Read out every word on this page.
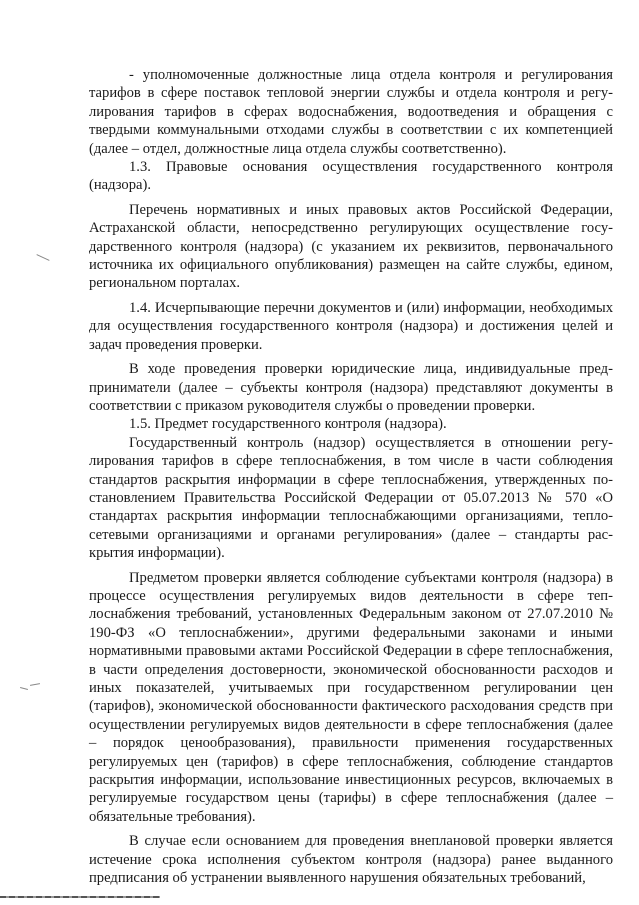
- уполномоченные должностные лица отдела контроля и регулирования тарифов в сфере поставок тепловой энергии службы и отдела контроля и регулирования тарифов в сферах водоснабжения, водоотведения и обращения с твердыми коммунальными отходами службы в соответствии с их компетенцией (далее – отдел, должностные лица отдела службы соответственно).

1.3. Правовые основания осуществления государственного контроля (надзора).

Перечень нормативных и иных правовых актов Российской Федерации, Астраханской области, непосредственно регулирующих осуществление государственного контроля (надзора) (с указанием их реквизитов, первоначального источника их официального опубликования) размещен на сайте службы, едином, региональном порталах.

1.4. Исчерпывающие перечни документов и (или) информации, необходимых для осуществления государственного контроля (надзора) и достижения целей и задач проведения проверки.

В ходе проведения проверки юридические лица, индивидуальные предприниматели (далее – субъекты контроля (надзора) представляют документы в соответствии с приказом руководителя службы о проведении проверки.

1.5. Предмет государственного контроля (надзора).

Государственный контроль (надзор) осуществляется в отношении регулирования тарифов в сфере теплоснабжения, в том числе в части соблюдения стандартов раскрытия информации в сфере теплоснабжения, утвержденных постановлением Правительства Российской Федерации от 05.07.2013 № 570 «О стандартах раскрытия информации теплоснабжающими организациями, теплосетевыми организациями и органами регулирования» (далее – стандарты раскрытия информации).

Предметом проверки является соблюдение субъектами контроля (надзора) в процессе осуществления регулируемых видов деятельности в сфере теплоснабжения требований, установленных Федеральным законом от 27.07.2010 № 190-ФЗ «О теплоснабжении», другими федеральными законами и иными нормативными правовыми актами Российской Федерации в сфере теплоснабжения, в части определения достоверности, экономической обоснованности расходов и иных показателей, учитываемых при государственном регулировании цен (тарифов), экономической обоснованности фактического расходования средств при осуществлении регулируемых видов деятельности в сфере теплоснабжения (далее – порядок ценообразования), правильности применения государственных регулируемых цен (тарифов) в сфере теплоснабжения, соблюдение стандартов раскрытия информации, использование инвестиционных ресурсов, включаемых в регулируемые государством цены (тарифы) в сфере теплоснабжения (далее – обязательные требования).

В случае если основанием для проведения внеплановой проверки является истечение срока исполнения субъектом контроля (надзора) ранее выданного предписания об устранении выявленного нарушения обязательных требований,
